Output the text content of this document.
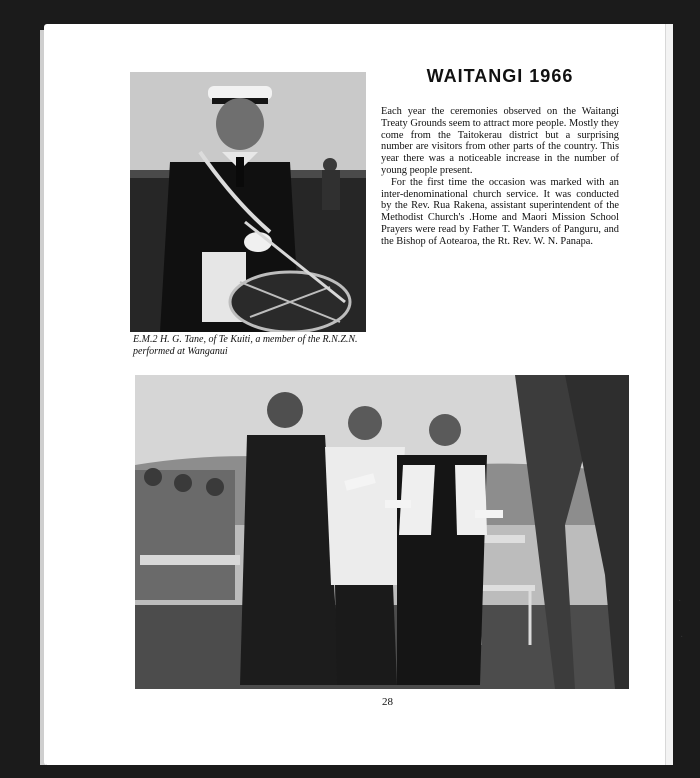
·
·
E.M.2 H. G. Tane, of Te Kuiti, a member of the R.N.Z.N. performed at Wanganui
WAITANGI 1966

Each year the ceremonies observed on the Waitangi Treaty Grounds seem to attract more people. Mostly they come from the Taitokerau district but a surprising number are visitors from other parts of the country. This year there was a noticeable increase in the number of young people present.

For the first time the occasion was marked with an inter-denominational church service. It was conducted by the Rev. Rua Rakena, assistant superintendent of the Methodist Church's .Home and Maori Mission School Prayers were read by Father T. Wanders of Panguru, and the Bishop of Aotearoa, the Rt. Rev. W. N. Panapa.

28
